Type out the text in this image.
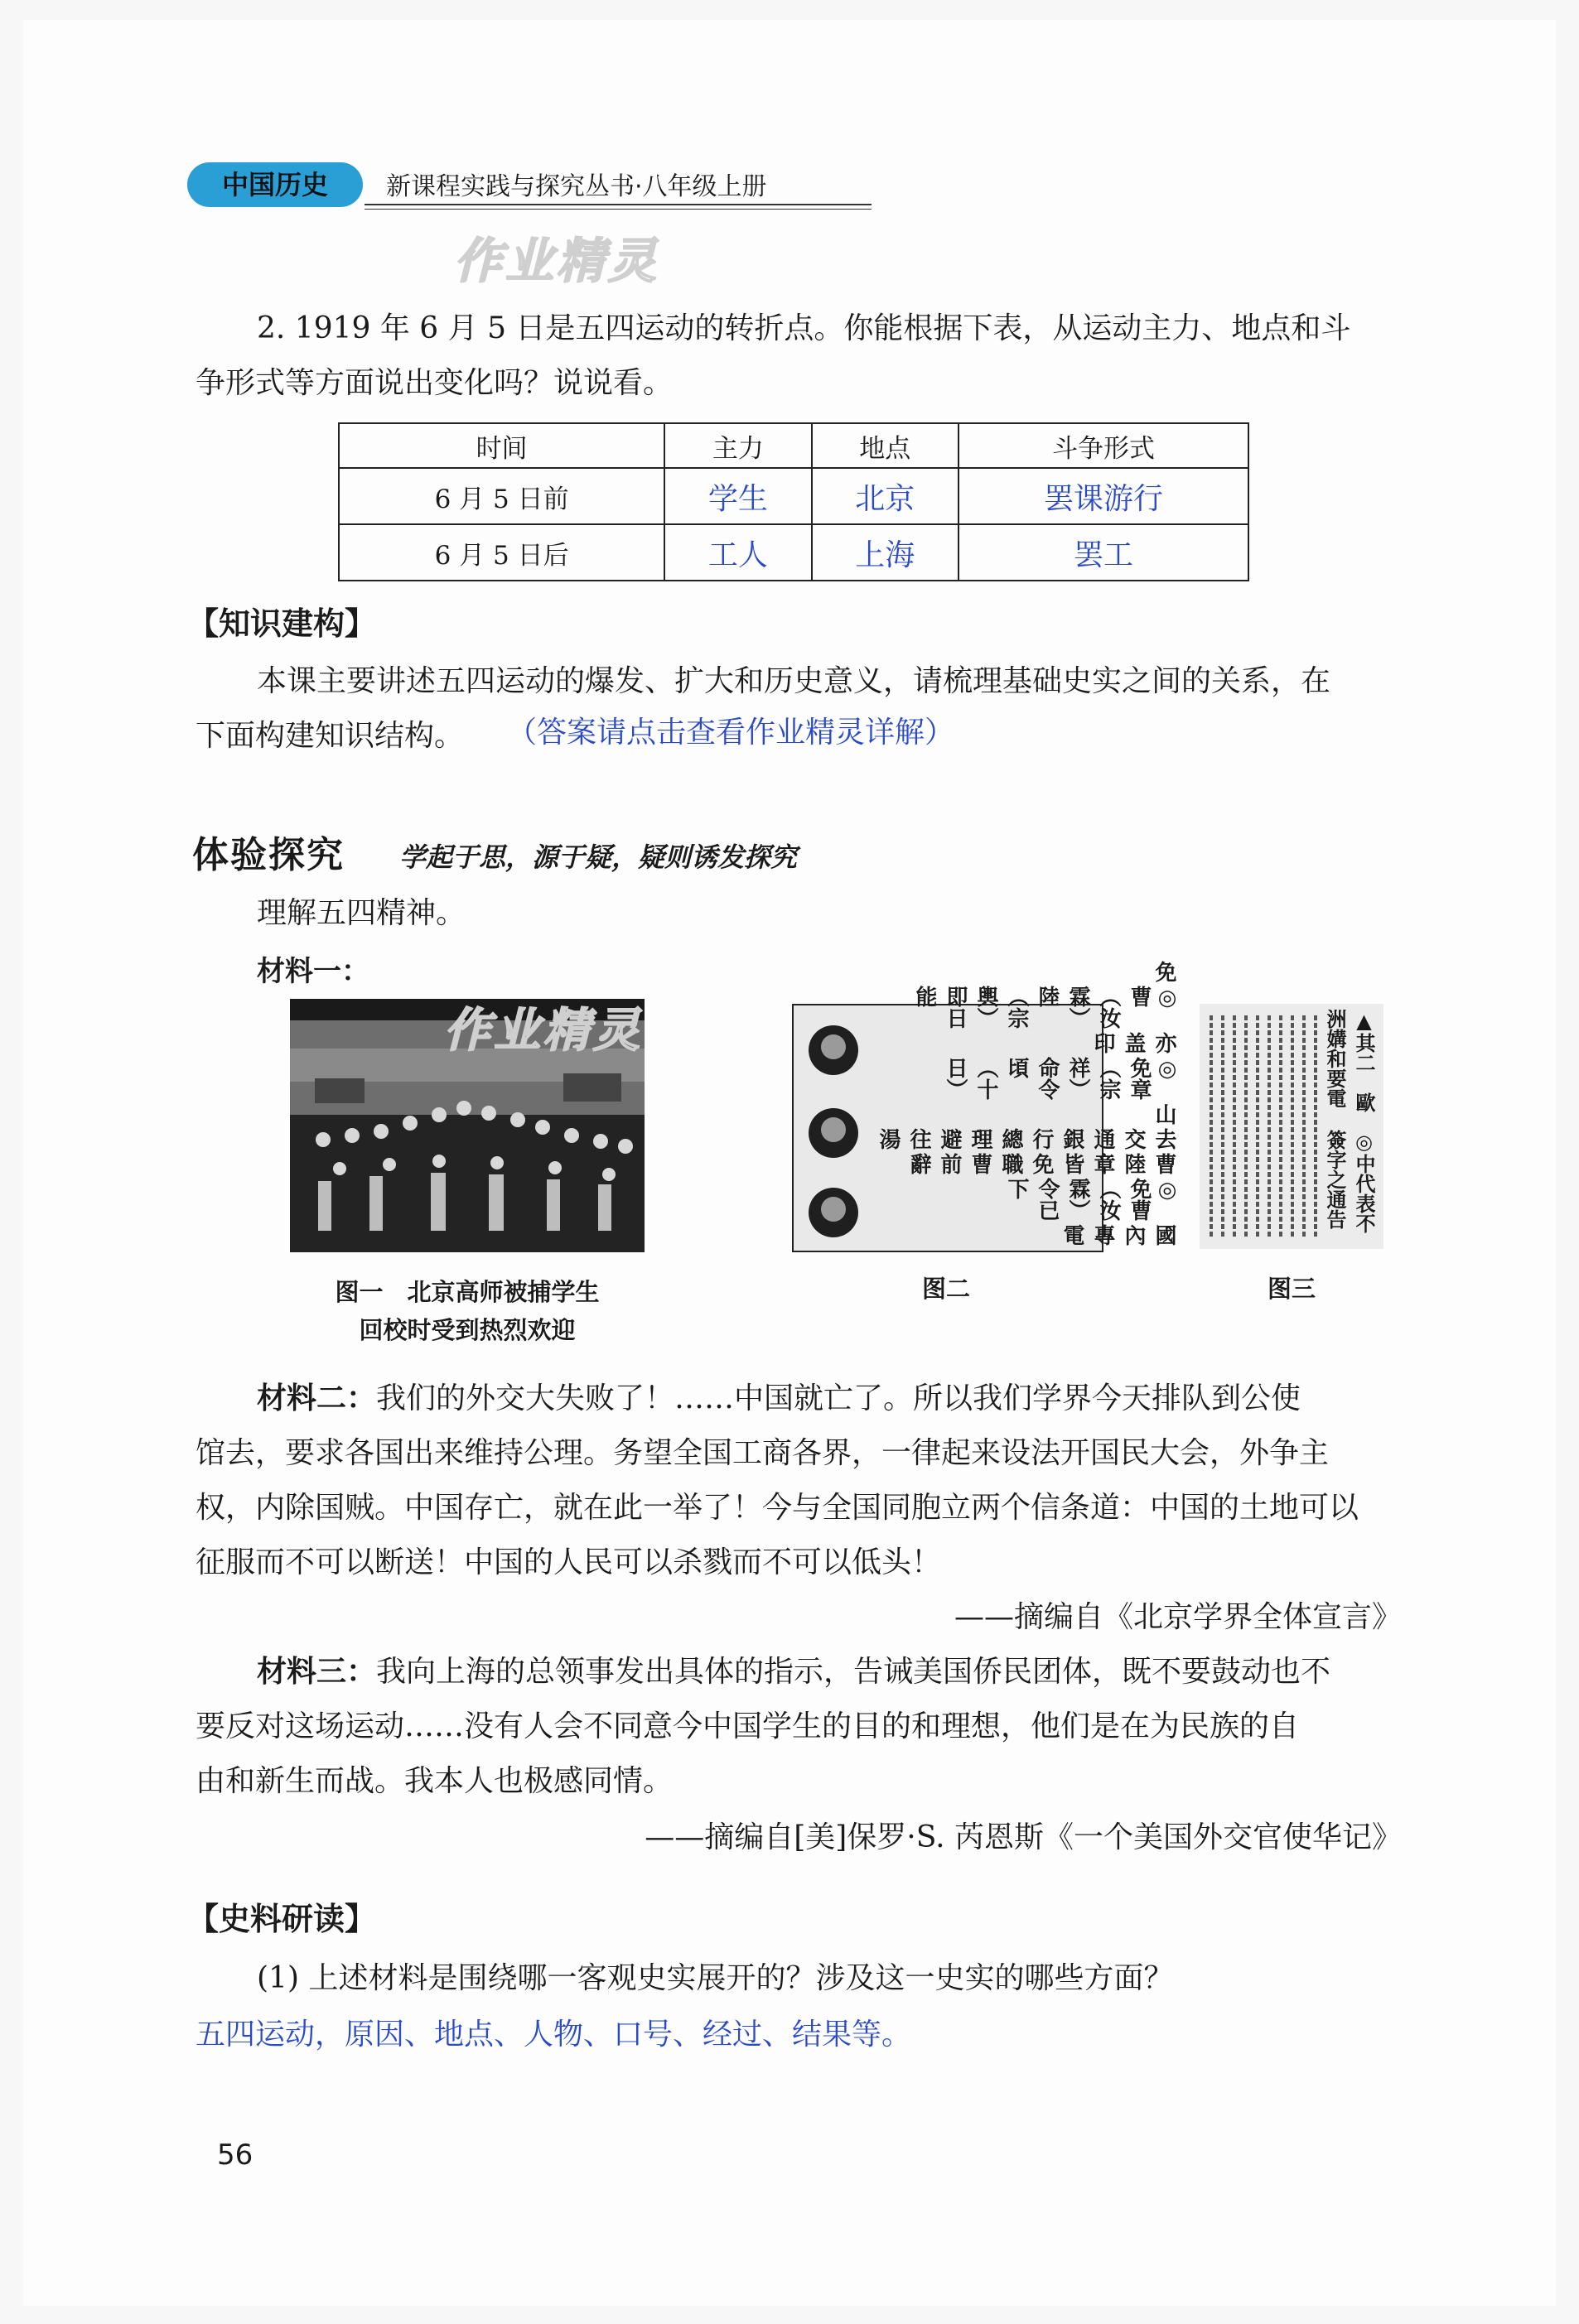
中国历史	新课程实践与探究丛书·八年级上册
作业精灵
2. 1919 年 6 月 5 日是五四运动的转折点。你能根据下表，从运动主力、地点和斗
争形式等方面说出变化吗？说说看。
时间	主力	地点	斗争形式
6 月 5 日前	学生	北京	罢课游行
6 月 5 日后	工人	上海	罢工
【知识建构】
本课主要讲述五四运动的爆发、扩大和历史意义，请梳理基础史实之间的关系，在
下面构建知识结构。 （答案请点击查看作业精灵详解）
体验探究 学起于思，源于疑，疑则诱发探究
理解五四精神。
材料一：
作业精灵
國內專電
◎免曹（汝霖）令已下
曹陸章皆免職曹前辭
去交通銀行總理避往湯
山
◎免章（宗祥）命令頃（十日）
亦盖印
◎曹（汝霖）陸（宗輿）即日能
免
▲其二　歐洲媾和要電
◎中代表不簽字之通告
图一　北京高师被捕学生
回校时受到热烈欢迎
图二	图三
材料二：我们的外交大失败了！……中国就亡了。所以我们学界今天排队到公使
馆去，要求各国出来维持公理。务望全国工商各界，一律起来设法开国民大会，外争主
权，内除国贼。中国存亡，就在此一举了！今与全国同胞立两个信条道：中国的土地可以
征服而不可以断送！中国的人民可以杀戮而不可以低头！
——摘编自《北京学界全体宣言》
材料三：我向上海的总领事发出具体的指示，告诫美国侨民团体，既不要鼓动也不
要反对这场运动……没有人会不同意今中国学生的目的和理想，他们是在为民族的自
由和新生而战。我本人也极感同情。
——摘编自[美]保罗·S. 芮恩斯《一个美国外交官使华记》
【史料研读】
(1) 上述材料是围绕哪一客观史实展开的？涉及这一史实的哪些方面？
五四运动，原因、地点、人物、口号、经过、结果等。
56
